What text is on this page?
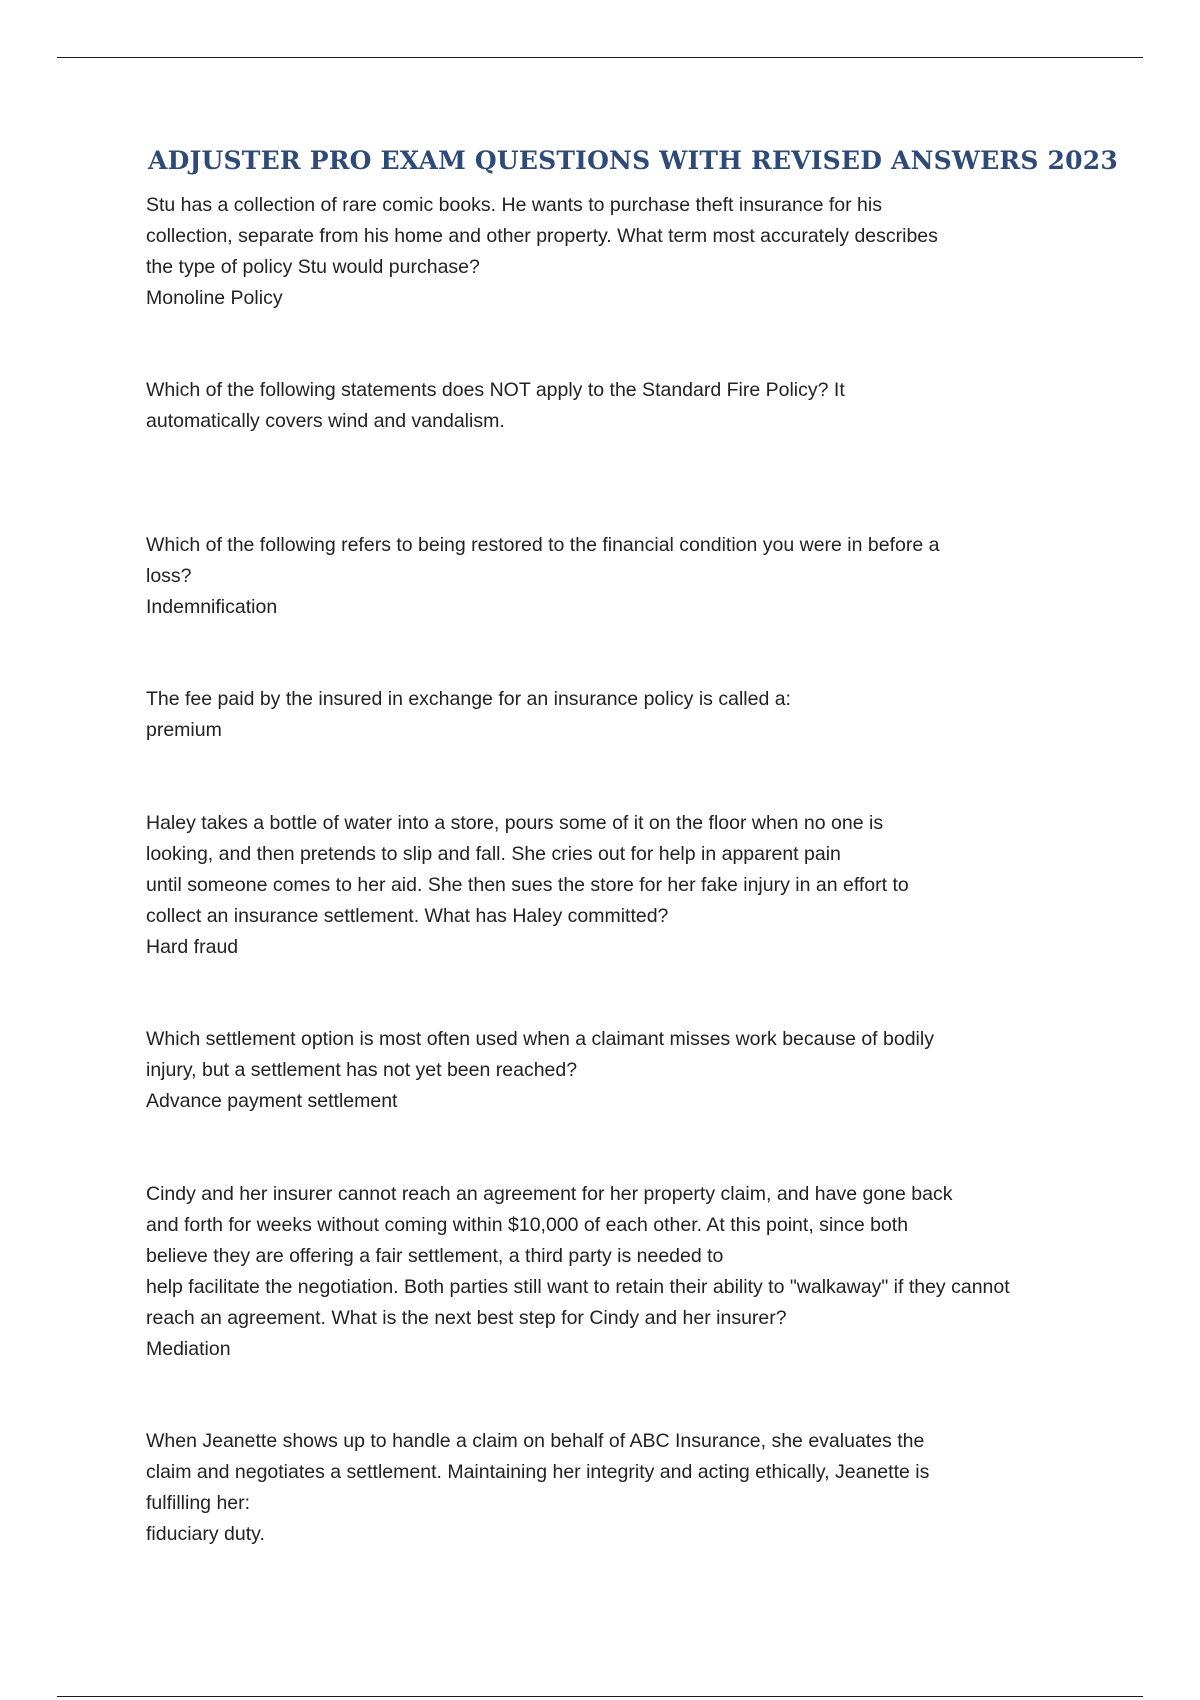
ADJUSTER PRO EXAM QUESTIONS WITH REVISED ANSWERS 2023
Stu has a collection of rare comic books. He wants to purchase theft insurance for his
collection, separate from his home and other property. What term most accurately describes
the type of policy Stu would purchase?
Monoline Policy
Which of the following statements does NOT apply to the Standard Fire Policy? It
automatically covers wind and vandalism.
Which of the following refers to being restored to the financial condition you were in before a
loss?
Indemnification
The fee paid by the insured in exchange for an insurance policy is called a:
premium
Haley takes a bottle of water into a store, pours some of it on the floor when no one is
looking, and then pretends to slip and fall. She cries out for help in apparent pain
until someone comes to her aid. She then sues the store for her fake injury in an effort to
collect an insurance settlement. What has Haley committed?
Hard fraud
Which settlement option is most often used when a claimant misses work because of bodily
injury, but a settlement has not yet been reached?
Advance payment settlement
Cindy and her insurer cannot reach an agreement for her property claim, and have gone back
and forth for weeks without coming within $10,000 of each other. At this point, since both
believe they are offering a fair settlement, a third party is needed to
help facilitate the negotiation. Both parties still want to retain their ability to "walkaway" if they cannot
reach an agreement. What is the next best step for Cindy and her insurer?
Mediation
When Jeanette shows up to handle a claim on behalf of ABC Insurance, she evaluates the
claim and negotiates a settlement. Maintaining her integrity and acting ethically, Jeanette is
fulfilling her:
fiduciary duty.
